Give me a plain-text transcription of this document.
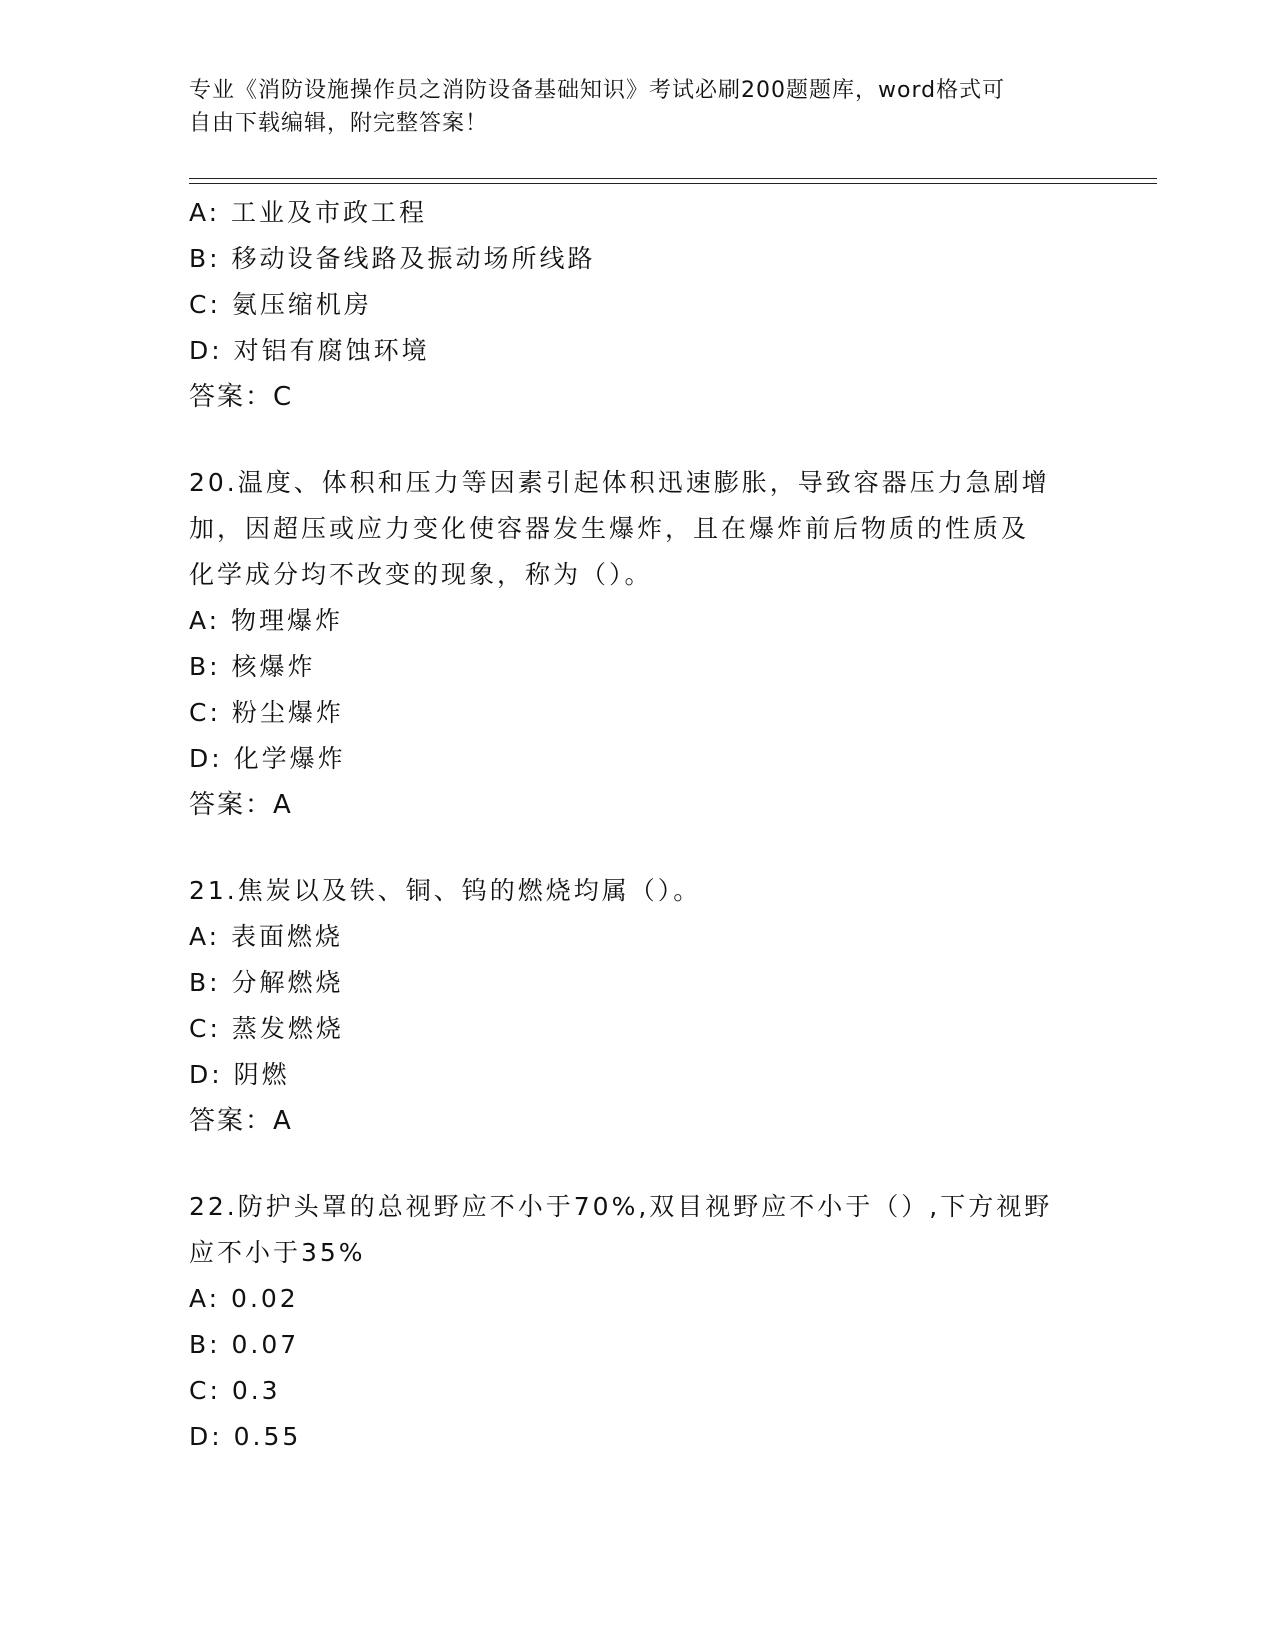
专业《消防设施操作员之消防设备基础知识》考试必刷200题题库，word格式可
自由下载编辑，附完整答案！
A: 工业及市政工程
B: 移动设备线路及振动场所线路
C: 氨压缩机房
D: 对铝有腐蚀环境
答案：C
20.温度、体积和压力等因素引起体积迅速膨胀，导致容器压力急剧增
加，因超压或应力变化使容器发生爆炸，且在爆炸前后物质的性质及
化学成分均不改变的现象，称为（）。
A: 物理爆炸
B: 核爆炸
C: 粉尘爆炸
D: 化学爆炸
答案：A
21.焦炭以及铁、铜、钨的燃烧均属（）。
A: 表面燃烧
B: 分解燃烧
C: 蒸发燃烧
D: 阴燃
答案：A
22.防护头罩的总视野应不小于70%,双目视野应不小于（）,下方视野
应不小于35%
A: 0.02
B: 0.07
C: 0.3
D: 0.55
